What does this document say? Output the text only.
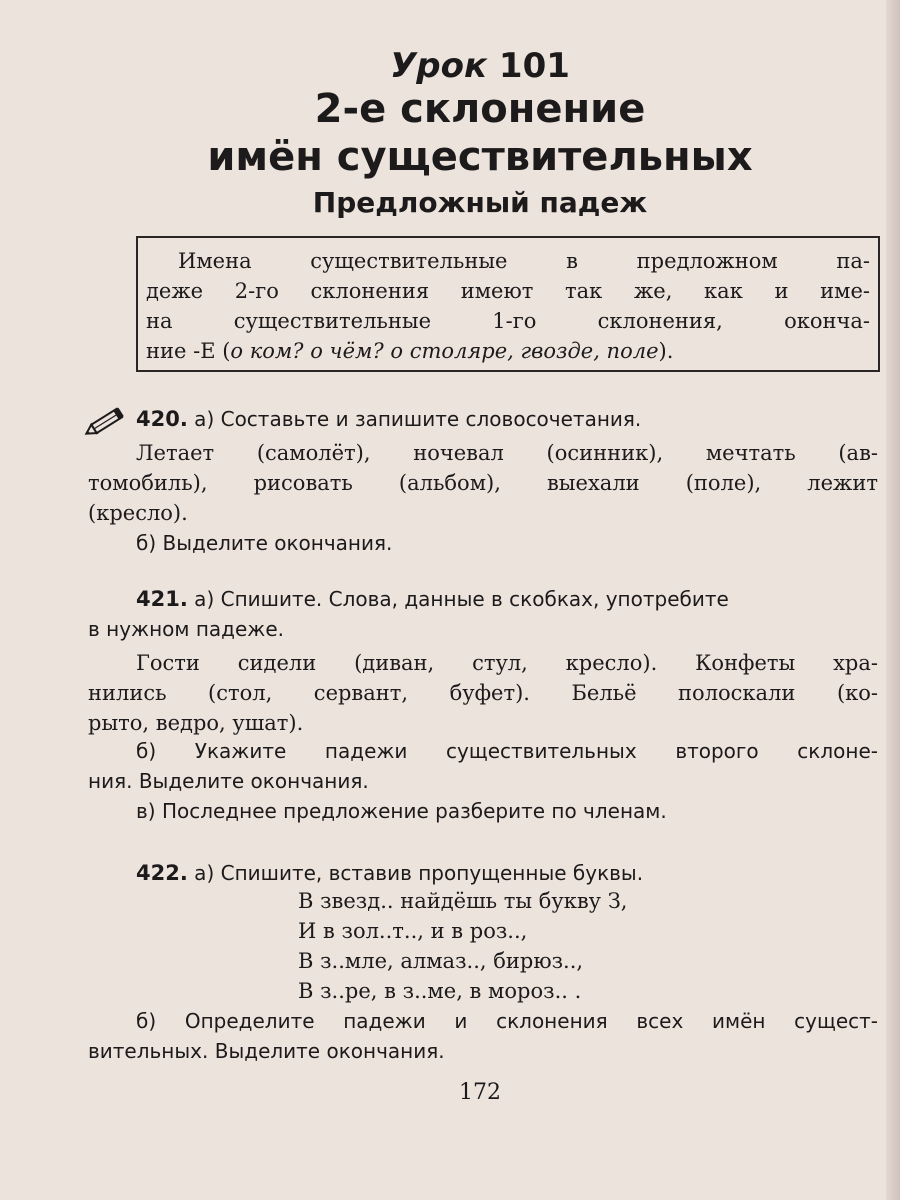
Урок 101
2-е склонение
имён существительных
Предложный падеж
Имена существительные в предложном па-
деже 2-го склонения имеют так же, как и име-
на существительные 1-го склонения, оконча-
ние -Е (о ком? о чём? о столяре, гвозде, поле).
420. а) Составьте и запишите словосочетания.
Летает (самолёт), ночевал (осинник), мечтать (ав-
томобиль), рисовать (альбом), выехали (поле), лежит
(кресло).
б) Выделите окончания.
421. а) Спишите. Слова, данные в скобках, употребите
в нужном падеже.
Гости сидели (диван, стул, кресло). Конфеты хра-
нились (стол, сервант, буфет). Бельё полоскали (ко-
рыто, ведро, ушат).
б) Укажите падежи существительных второго склоне-
ния. Выделите окончания.
в) Последнее предложение разберите по членам.
422. а) Спишите, вставив пропущенные буквы.
В звезд.. найдёшь ты букву З,
И в зол..т.., и в роз..,
В з..мле, алмаз.., бирюз..,
В з..ре, в з..ме, в мороз.. .
б) Определите падежи и склонения всех имён сущест-
вительных. Выделите окончания.
172
